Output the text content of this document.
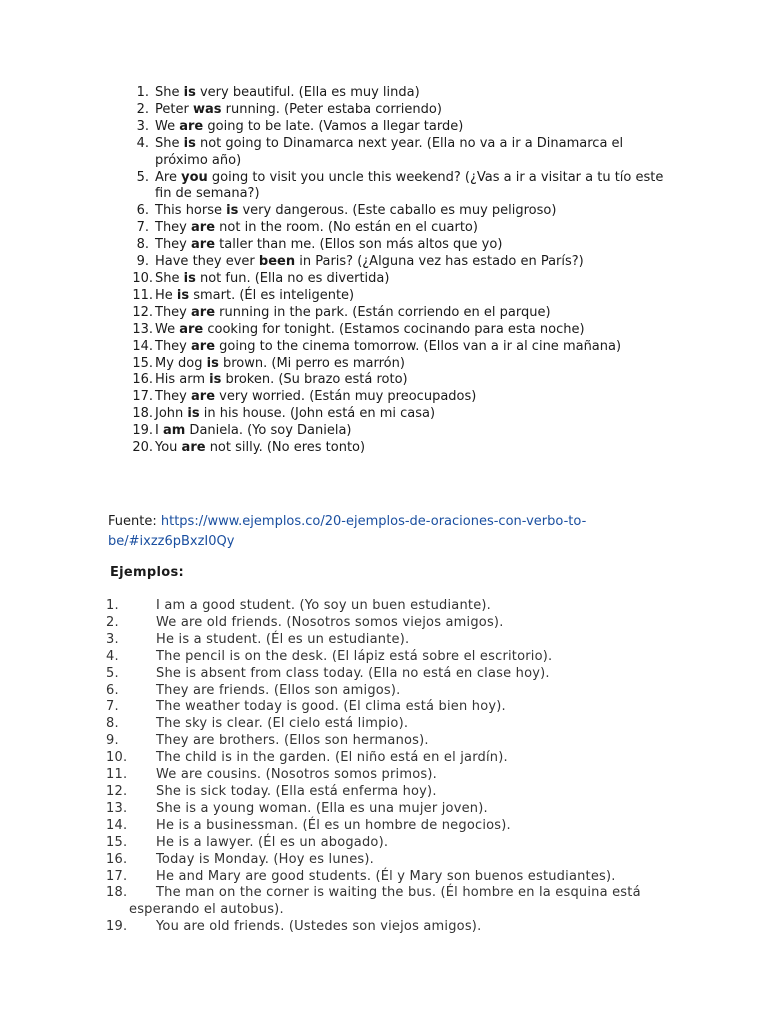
1. She is very beautiful. (Ella es muy linda)
2. Peter was running. (Peter estaba corriendo)
3. We are going to be late. (Vamos a llegar tarde)
4. She is not going to Dinamarca next year. (Ella no va a ir a Dinamarca el próximo año)
5. Are you going to visit you uncle this weekend? (¿Vas a ir a visitar a tu tío este fin de semana?)
6. This horse is very dangerous. (Este caballo es muy peligroso)
7. They are not in the room. (No están en el cuarto)
8. They are taller than me. (Ellos son más altos que yo)
9. Have they ever been in Paris? (¿Alguna vez has estado en París?)
10. She is not fun. (Ella no es divertida)
11. He is smart. (Él es inteligente)
12. They are running in the park. (Están corriendo en el parque)
13. We are cooking for tonight. (Estamos cocinando para esta noche)
14. They are going to the cinema tomorrow. (Ellos van a ir al cine mañana)
15. My dog is brown. (Mi perro es marrón)
16. His arm is broken. (Su brazo está roto)
17. They are very worried. (Están muy preocupados)
18. John is in his house. (John está en mi casa)
19. I am Daniela. (Yo soy Daniela)
20. You are not silly. (No eres tonto)
Fuente: https://www.ejemplos.co/20-ejemplos-de-oraciones-con-verbo-to-be/#ixzz6pBxzI0Qy
Ejemplos:
1.	I am a good student. (Yo soy un buen estudiante).
2.	We are old friends. (Nosotros somos viejos amigos).
3.	He is a student. (Él es un estudiante).
4.	The pencil is on the desk. (El lápiz está sobre el escritorio).
5.	She is absent from class today. (Ella no está en clase hoy).
6.	They are friends. (Ellos son amigos).
7.	The weather today is good. (El clima está bien hoy).
8.	The sky is clear. (El cielo está limpio).
9.	They are brothers. (Ellos son hermanos).
10. The child is in the garden. (El niño está en el jardín).
11. We are cousins. (Nosotros somos primos).
12. She is sick today. (Ella está enferma hoy).
13. She is a young woman. (Ella es una mujer joven).
14. He is a businessman. (Él es un hombre de negocios).
15. He is a lawyer. (Él es un abogado).
16. Today is Monday. (Hoy es lunes).
17. He and Mary are good students. (Él y Mary son buenos estudiantes).
18. The man on the corner is waiting the bus. (Él hombre en la esquina está
esperando el autobus).
19. You are old friends. (Ustedes son viejos amigos).
